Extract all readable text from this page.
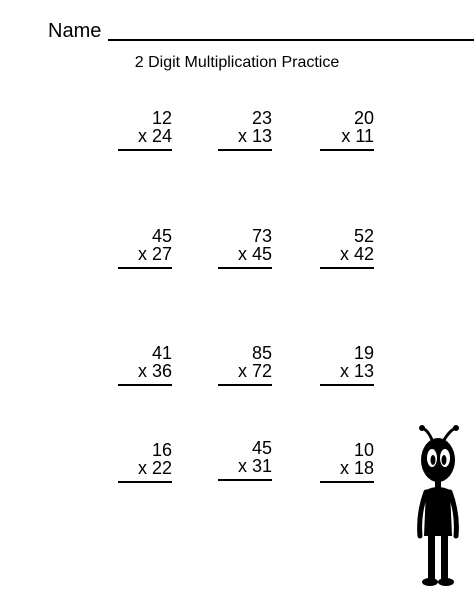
Name
2 Digit Multiplication Practice
12
x 24
23
x 13
20
x 11
45
x 27
73
x 45
52
x 42
41
x 36
85
x 72
19
x 13
16
x 22
45
x 31
10
x 18
